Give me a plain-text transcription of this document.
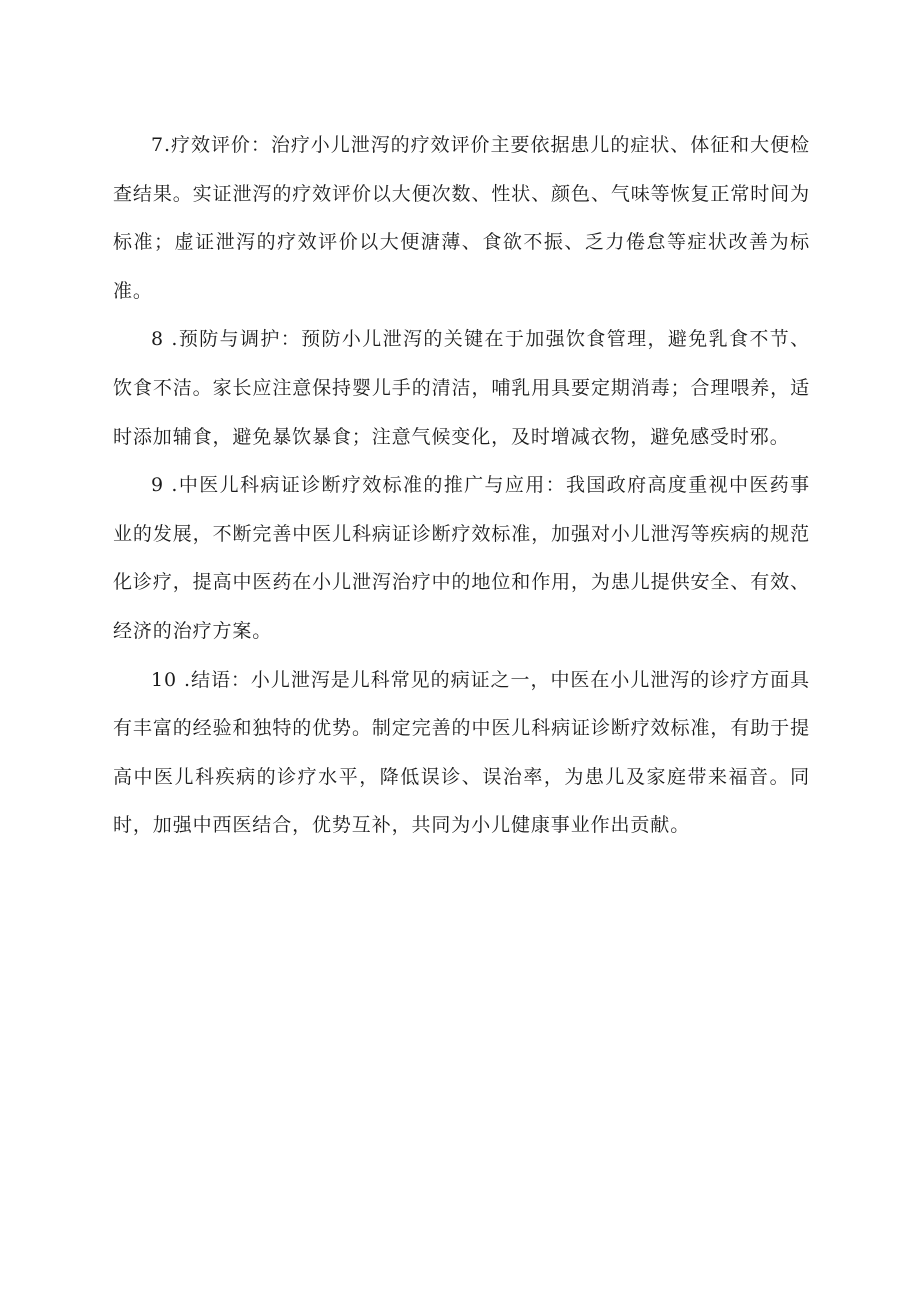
7.疗效评价：治疗小儿泄泻的疗效评价主要依据患儿的症状、体征和大便检查结果。实证泄泻的疗效评价以大便次数、性状、颜色、气味等恢复正常时间为标准；虚证泄泻的疗效评价以大便溏薄、食欲不振、乏力倦怠等症状改善为标准。

8 .预防与调护：预防小儿泄泻的关键在于加强饮食管理，避免乳食不节、饮食不洁。家长应注意保持婴儿手的清洁，哺乳用具要定期消毒；合理喂养，适时添加辅食，避免暴饮暴食；注意气候变化，及时增减衣物，避免感受时邪。

9 .中医儿科病证诊断疗效标准的推广与应用：我国政府高度重视中医药事业的发展，不断完善中医儿科病证诊断疗效标准，加强对小儿泄泻等疾病的规范化诊疗，提高中医药在小儿泄泻治疗中的地位和作用，为患儿提供安全、有效、经济的治疗方案。

10 .结语：小儿泄泻是儿科常见的病证之一，中医在小儿泄泻的诊疗方面具有丰富的经验和独特的优势。制定完善的中医儿科病证诊断疗效标准，有助于提高中医儿科疾病的诊疗水平，降低误诊、误治率，为患儿及家庭带来福音。同时，加强中西医结合，优势互补，共同为小儿健康事业作出贡献。
